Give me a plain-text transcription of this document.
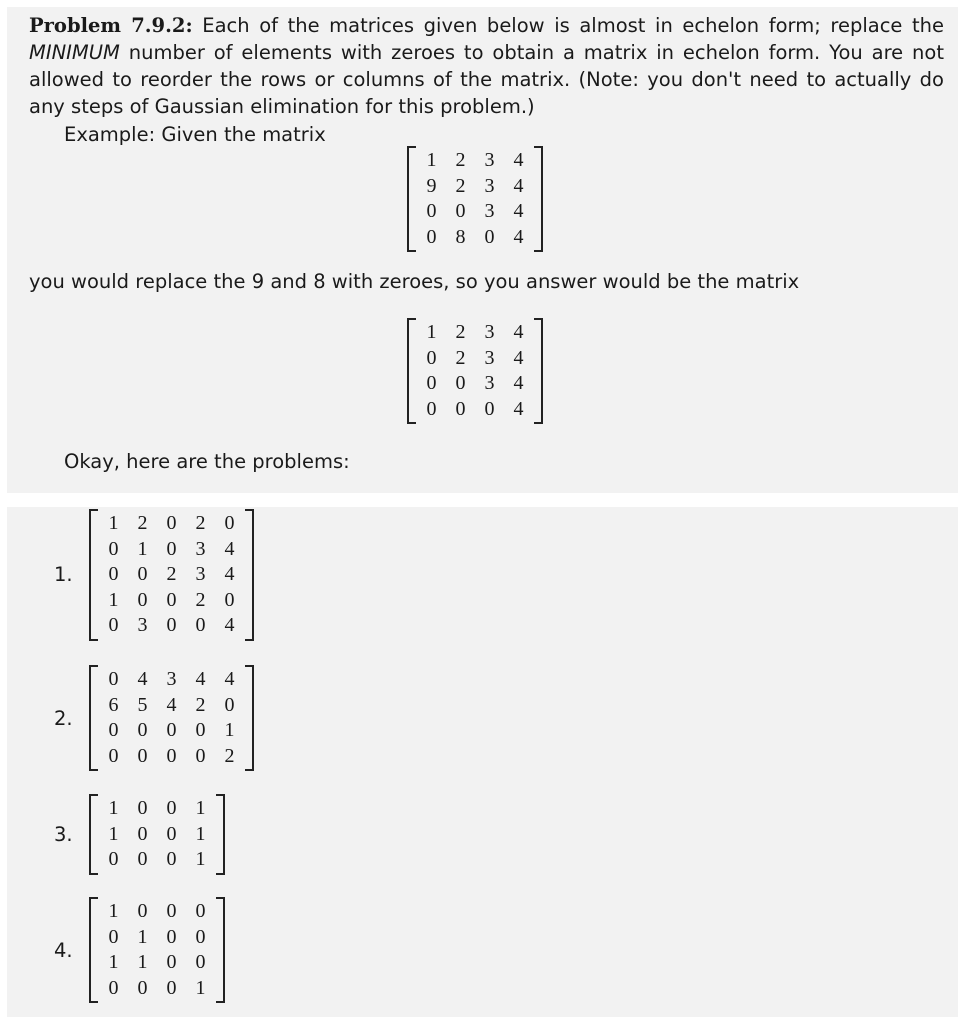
Problem 7.9.2: Each of the matrices given below is almost in echelon form; replace the MINIMUM number of elements with zeroes to obtain a matrix in echelon form. You are not allowed to reorder the rows or columns of the matrix. (Note: you don't need to actually do any steps of Gaussian elimination for this problem.)
Example: Given the matrix
1	2	3	4
9	2	3	4
0	0	3	4
0	8	0	4
you would replace the 9 and 8 with zeroes, so you answer would be the matrix
1	2	3	4
0	2	3	4
0	0	3	4
0	0	0	4
Okay, here are the problems:
1.
1	2	0	2	0
0	1	0	3	4
0	0	2	3	4
1	0	0	2	0
0	3	0	0	4
2.
0	4	3	4	4
6	5	4	2	0
0	0	0	0	1
0	0	0	0	2
3.
1	0	0	1
1	0	0	1
0	0	0	1
4.
1	0	0	0
0	1	0	0
1	1	0	0
0	0	0	1
